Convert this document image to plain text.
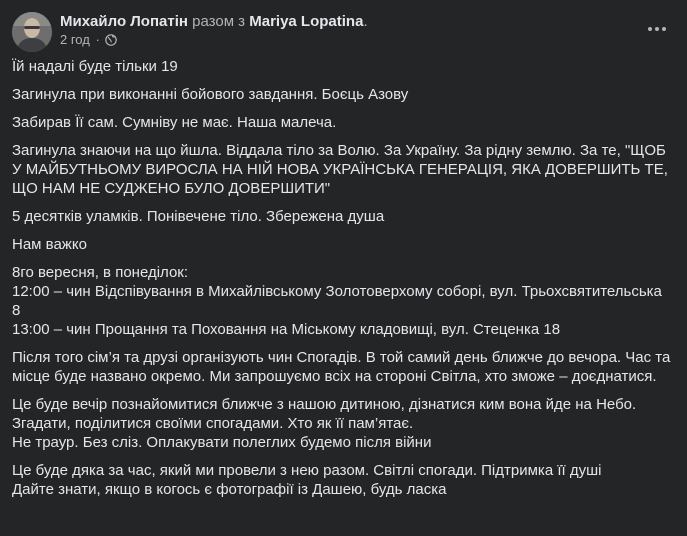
Михайло Лопатін разом з Mariya Lopatina.
2 год ·

Їй надалі буде тільки 19

Загинула при виконанні бойового завдання. Боєць Азову

Забирав Її сам. Сумніву не має. Наша малеча.

Загинула знаючи на що йшла. Віддала тіло за Волю. За Україну. За рідну землю. За те, "ЩОБ У МАЙБУТНЬОМУ ВИРОСЛА НА НІЙ НОВА УКРАЇНСЬКА ГЕНЕРАЦІЯ, ЯКА ДОВЕРШИТЬ ТЕ, ЩО НАМ НЕ СУДЖЕНО БУЛО ДОВЕРШИТИ"

5 десятків уламків. Понівечене тіло. Збережена душа

Нам важко

8го вересня, в понеділок:
12:00 – чин Відспівування в Михайлівському Золотоверхому соборі, вул. Трьохсвятительська 8
13:00 – чин Прощання та Поховання на Міському кладовищі, вул. Стеценка 18

Після того сім’я та друзі організують чин Спогадів. В той самий день ближче до вечора. Час та місце буде названо окремо. Ми запрошуємо всіх на стороні Світла, хто зможе – доєднатися.

Це буде вечір познайомитися ближче з нашою дитиною, дізнатися ким вона йде на Небо. Згадати, поділитися своїми спогадами. Хто як її пам’ятає.
Не траур. Без сліз. Оплакувати полеглих будемо після війни

Це буде дяка за час, який ми провели з нею разом. Світлі спогади. Підтримка її душі
Дайте знати, якщо в когось є фотографії із Дашею, будь ласка
